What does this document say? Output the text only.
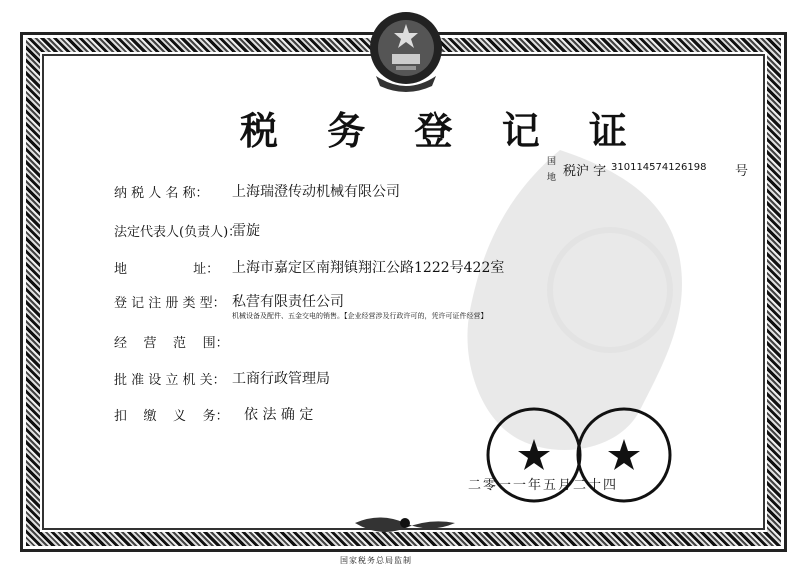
税 务 登 记 证
国
地 税沪 字 310114574126198 号
纳 税 人 名 称： 上海瑞澄传动机械有限公司
法定代表人(负责人)：
雷旋
地                址： 上海市嘉定区南翔镇翔江公路1222号422室
登 记 注 册 类 型： 私营有限责任公司
机械设备及配件、五金交电的销售。【企业经营涉及行政许可的，凭许可证件经营】
经    营    范    围：
批 准 设 立 机 关： 工商行政管理局
扣    缴    义    务： 依 法 确 定
二零一一年五月二十四
国家税务总局监制
